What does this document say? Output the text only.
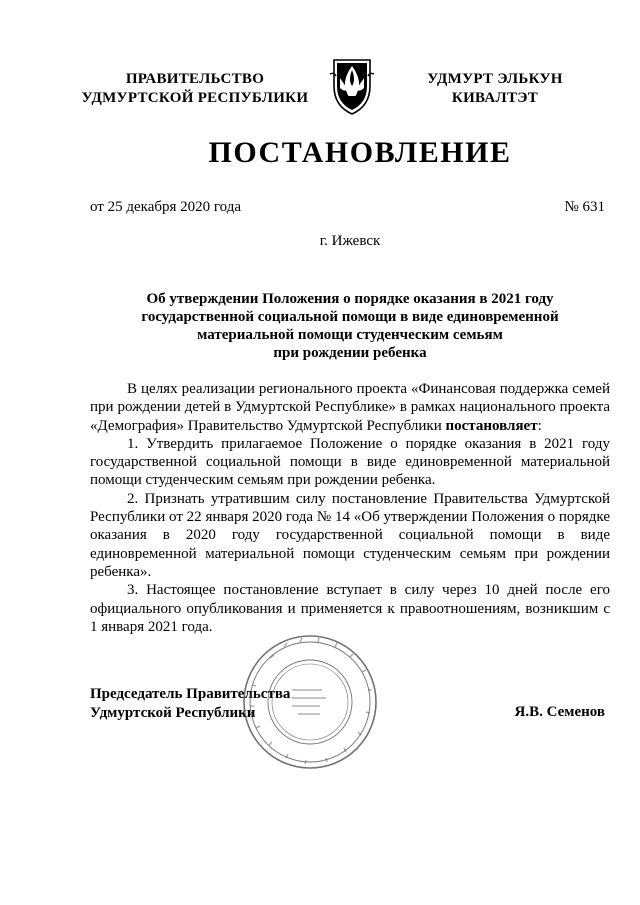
ПРАВИТЕЛЬСТВО
УДМУРТСКОЙ РЕСПУБЛИКИ
УДМУРТ ЭЛЬКУН
КИВАЛТЭТ
ПОСТАНОВЛЕНИЕ
от 25 декабря 2020 года	№ 631
г. Ижевск
Об утверждении Положения о порядке оказания в 2021 году
государственной социальной помощи в виде единовременной
материальной помощи студенческим семьям
при рождении ребенка

В целях реализации регионального проекта «Финансовая поддержка семей при рождении детей в Удмуртской Республике» в рамках национального проекта «Демография» Правительство Удмуртской Республики постановляет:

1. Утвердить прилагаемое Положение о порядке оказания в 2021 году государственной социальной помощи в виде единовременной материальной помощи студенческим семьям при рождении ребенка.

2. Признать утратившим силу постановление Правительства Удмуртской Республики от 22 января 2020 года № 14 «Об утверждении Положения о порядке оказания в 2020 году государственной социальной помощи в виде единовременной материальной помощи студенческим семьям при рождении ребенка».

3. Настоящее постановление вступает в силу через 10 дней после его официального опубликования и применяется к правоотношениям, возникшим с 1 января 2021 года.

Председатель Правительства
Удмуртской Республики	Я.В. Семенов
